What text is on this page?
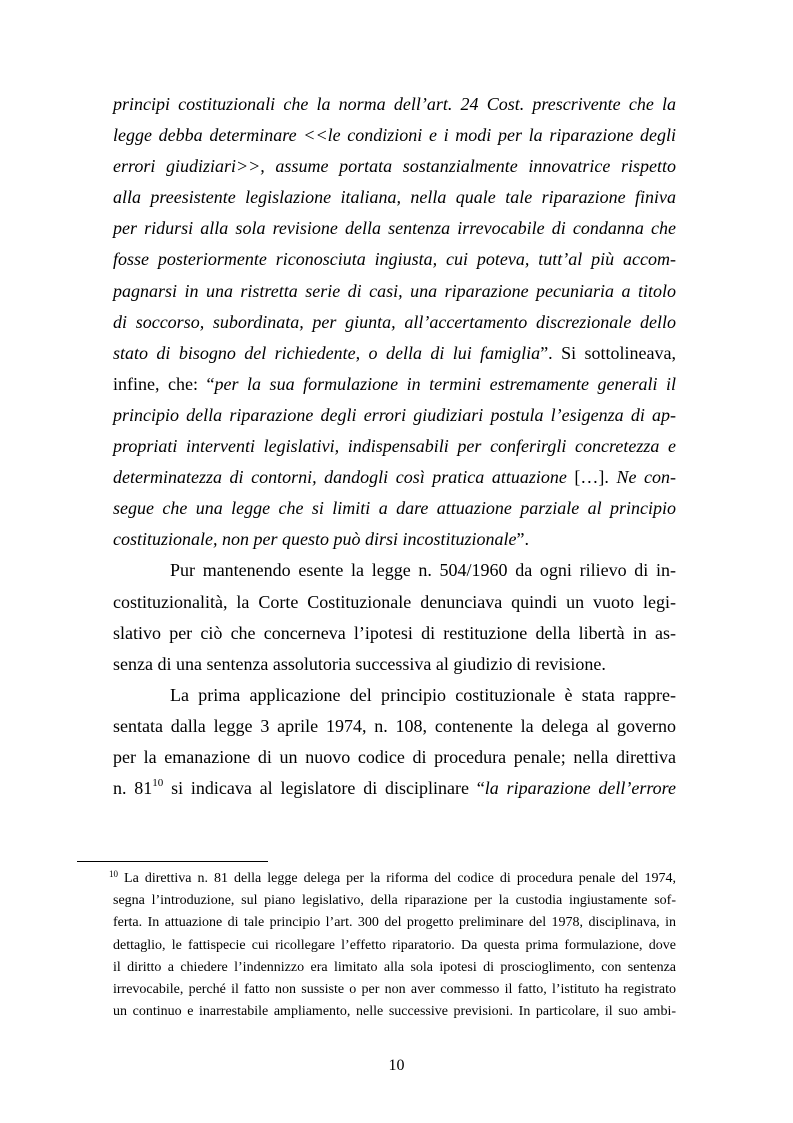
principi costituzionali che la norma dell’art. 24 Cost. prescrivente che la
legge debba determinare <<le condizioni e i modi per la riparazione degli
errori giudiziari>>, assume portata sostanzialmente innovatrice rispetto
alla preesistente legislazione italiana, nella quale tale riparazione finiva
per ridursi alla sola revisione della sentenza irrevocabile di condanna che
fosse posteriormente riconosciuta ingiusta, cui poteva, tutt’al più accom-
pagnarsi in una ristretta serie di casi, una riparazione pecuniaria a titolo
di soccorso, subordinata, per giunta, all’accertamento discrezionale dello
stato di bisogno del richiedente, o della di lui famiglia”. Si sottolineava,
infine, che: “per la sua formulazione in termini estremamente generali il
principio della riparazione degli errori giudiziari postula l’esigenza di ap-
propriati interventi legislativi, indispensabili per conferirgli concretezza e
determinatezza di contorni, dandogli così pratica attuazione […]. Ne con-
segue che una legge che si limiti a dare attuazione parziale al principio
costituzionale, non per questo può dirsi incostituzionale”.
Pur mantenendo esente la legge n. 504/1960 da ogni rilievo di in-
costituzionalità, la Corte Costituzionale denunciava quindi un vuoto legi-
slativo per ciò che concerneva l’ipotesi di restituzione della libertà in as-
senza di una sentenza assolutoria successiva al giudizio di revisione.
La prima applicazione del principio costituzionale è stata rappre-
sentata dalla legge 3 aprile 1974, n. 108, contenente la delega al governo
per la emanazione di un nuovo codice di procedura penale; nella direttiva
n. $81^{10}$ si indicava al legislatore di disciplinare “la riparazione dell’errore
$^{10}$ La direttiva n. 81 della legge delega per la riforma del codice di procedura penale del 1974,
segna l’introduzione, sul piano legislativo, della riparazione per la custodia ingiustamente sof-
ferta. In attuazione di tale principio l’art. 300 del progetto preliminare del 1978, disciplinava, in
dettaglio, le fattispecie cui ricollegare l’effetto riparatorio. Da questa prima formulazione, dove
il diritto a chiedere l’indennizzo era limitato alla sola ipotesi di proscioglimento, con sentenza
irrevocabile, perché il fatto non sussiste o per non aver commesso il fatto, l’istituto ha registrato
un continuo e inarrestabile ampliamento, nelle successive previsioni. In particolare, il suo ambi-
10
